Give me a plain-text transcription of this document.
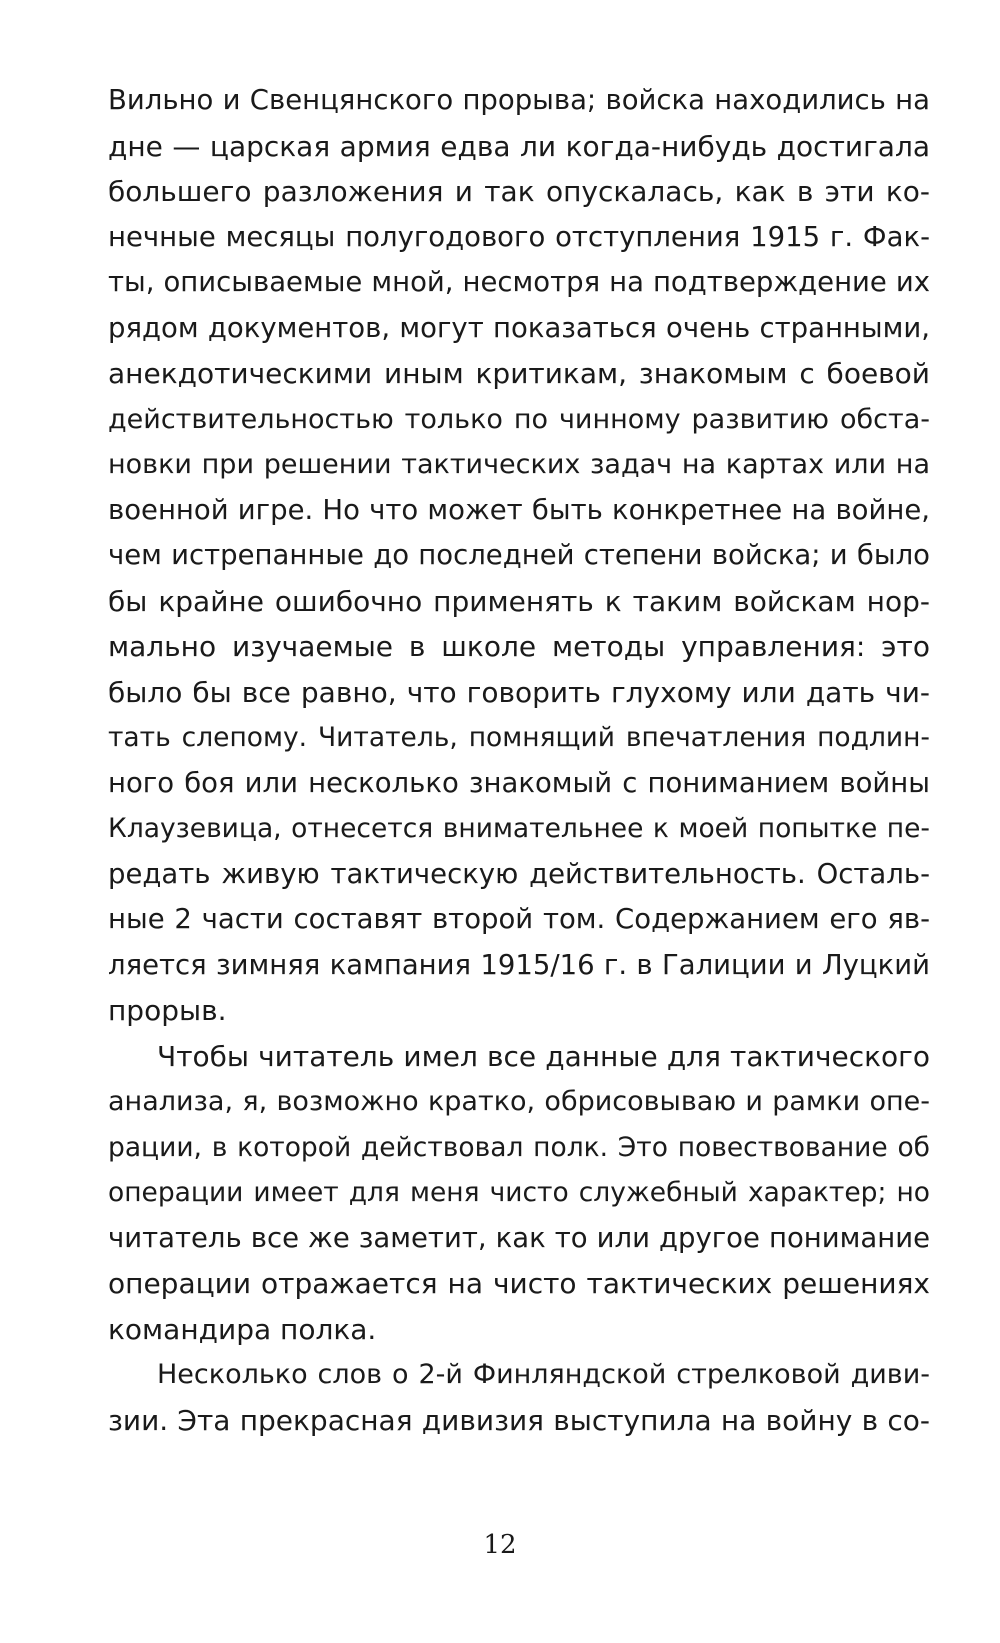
Вильно и Свенцянского прорыва; войска находились на
дне — царская армия едва ли когда-нибудь достигала
большего разложения и так опускалась, как в эти ко-
нечные месяцы полугодового отступления 1915 г. Фак-
ты, описываемые мной, несмотря на подтверждение их
рядом документов, могут показаться очень странными,
анекдотическими иным критикам, знакомым с боевой
действительностью только по чинному развитию обста-
новки при решении тактических задач на картах или на
военной игре. Но что может быть конкретнее на войне,
чем истрепанные до последней степени войска; и было
бы крайне ошибочно применять к таким войскам нор-
мально изучаемые в школе методы управления: это
было бы все равно, что говорить глухому или дать чи-
тать слепому. Читатель, помнящий впечатления подлин-
ного боя или несколько знакомый с пониманием войны
Клаузевица, отнесется внимательнее к моей попытке пе-
редать живую тактическую действительность. Осталь-
ные 2 части составят второй том. Содержанием его яв-
ляется зимняя кампания 1915/16 г. в Галиции и Луцкий
прорыв.
Чтобы читатель имел все данные для тактического
анализа, я, возможно кратко, обрисовываю и рамки опе-
рации, в которой действовал полк. Это повествование об
операции имеет для меня чисто служебный характер; но
читатель все же заметит, как то или другое понимание
операции отражается на чисто тактических решениях
командира полка.
Несколько слов о 2-й Финляндской стрелковой диви-
зии. Эта прекрасная дивизия выступила на войну в со-
12
